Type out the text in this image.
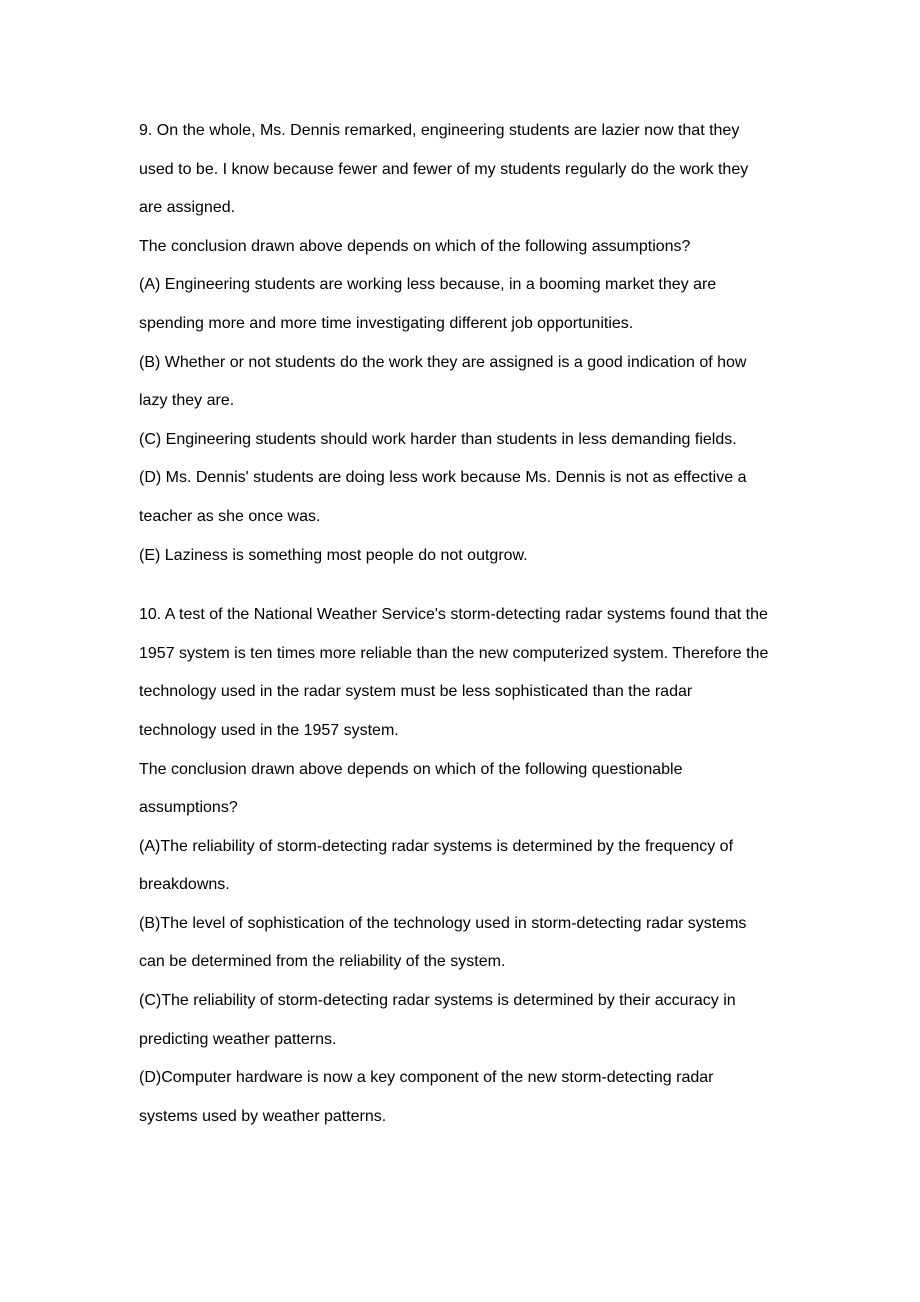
9. On the whole, Ms. Dennis remarked, engineering students are lazier now that they
used to be. I know because fewer and fewer of my students regularly do the work they
are assigned.

The conclusion drawn above depends on which of the following assumptions?

(A) Engineering students are working less because, in a booming market they are
spending more and more time investigating different job opportunities.

(B) Whether or not students do the work they are assigned is a good indication of how
lazy they are.

(C) Engineering students should work harder than students in less demanding fields.

(D) Ms. Dennis' students are doing less work because Ms. Dennis is not as effective a
teacher as she once was.

(E) Laziness is something most people do not outgrow.

10. A test of the National Weather Service's storm-detecting radar systems found that the
1957 system is ten times more reliable than the new computerized system. Therefore the
technology used in the radar system must be less sophisticated than the radar
technology used in the 1957 system.

The conclusion drawn above depends on which of the following questionable
assumptions?

(A)The reliability of storm-detecting radar systems is determined by the frequency of
breakdowns.

(B)The level of sophistication of the technology used in storm-detecting radar systems
can be determined from the reliability of the system.

(C)The reliability of storm-detecting radar systems is determined by their accuracy in
predicting weather patterns.

(D)Computer hardware is now a key component of the new storm-detecting radar
systems used by weather patterns.
